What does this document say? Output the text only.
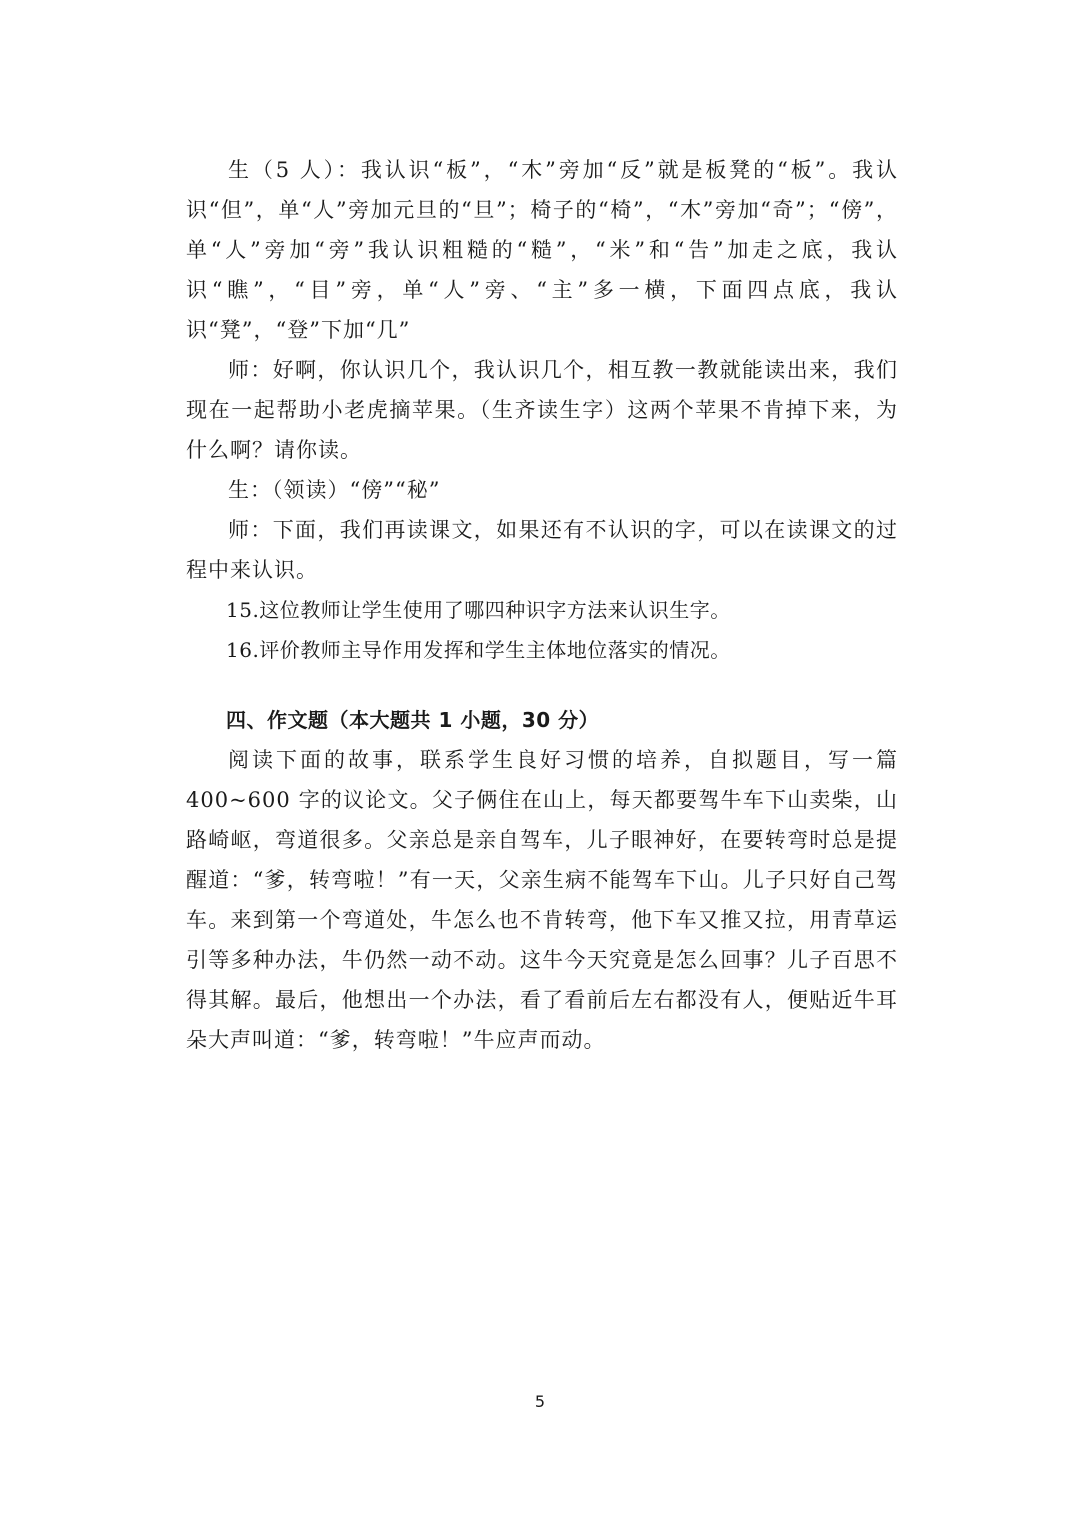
生（5 人）：我认识“板”，“木”旁加“反”就是板凳的“板”。我认识“但”，单“人”旁加元旦的“旦”；椅子的“椅”，“木”旁加“奇”；“傍”，单“人”旁加“旁”我认识粗糙的“糙”，“米”和“告”加走之底，我认识“瞧”，“目”旁，单“人”旁、“主”多一横，下面四点底，我认识“凳”，“登”下加“几”

师：好啊，你认识几个，我认识几个，相互教一教就能读出来，我们现在一起帮助小老虎摘苹果。（生齐读生字）这两个苹果不肯掉下来，为什么啊？请你读。

生：（领读）“傍”“秘”

师：下面，我们再读课文，如果还有不认识的字，可以在读课文的过程中来认识。

15.这位教师让学生使用了哪四种识字方法来认识生字。

16.评价教师主导作用发挥和学生主体地位落实的情况。

四、作文题（本大题共 1 小题，30 分）

阅读下面的故事，联系学生良好习惯的培养，自拟题目，写一篇 400~600 字的议论文。父子俩住在山上，每天都要驾牛车下山卖柴，山路崎岖，弯道很多。父亲总是亲自驾车，儿子眼神好，在要转弯时总是提醒道：“爹，转弯啦！”有一天，父亲生病不能驾车下山。儿子只好自己驾车。来到第一个弯道处，牛怎么也不肯转弯，他下车又推又拉，用青草运引等多种办法，牛仍然一动不动。这牛今天究竟是怎么回事？儿子百思不得其解。最后，他想出一个办法，看了看前后左右都没有人，便贴近牛耳朵大声叫道：“爹，转弯啦！”牛应声而动。

5
